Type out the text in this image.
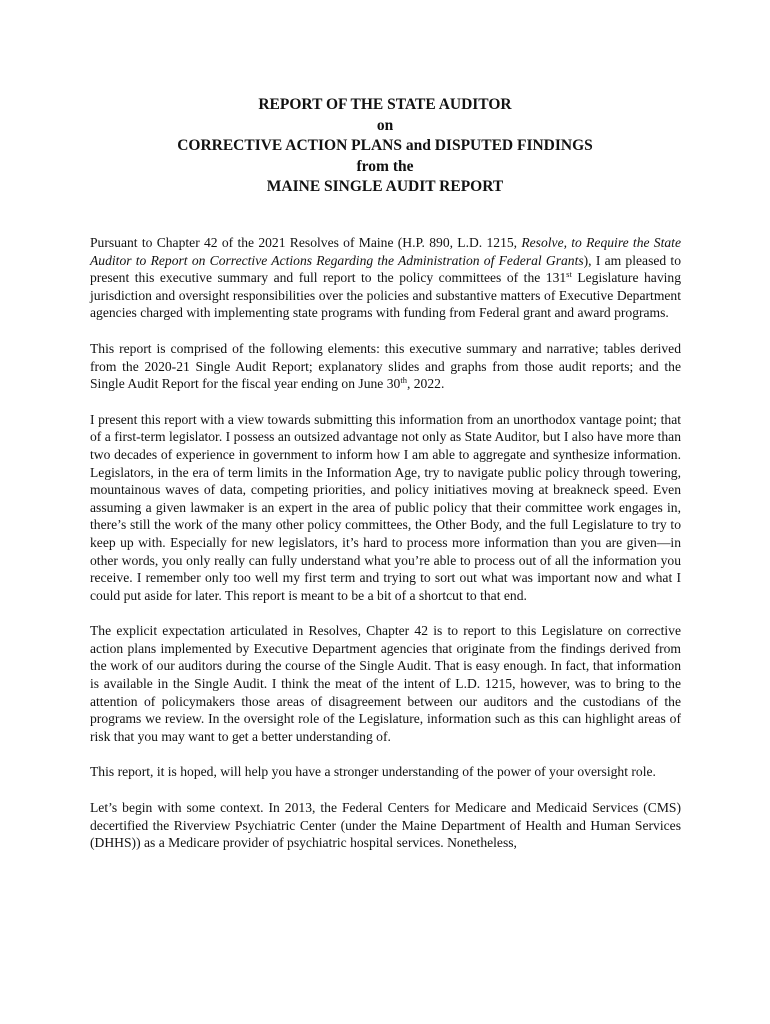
REPORT OF THE STATE AUDITOR
on
CORRECTIVE ACTION PLANS and DISPUTED FINDINGS
from the
MAINE SINGLE AUDIT REPORT

Pursuant to Chapter 42 of the 2021 Resolves of Maine (H.P. 890, L.D. 1215, Resolve, to Require the State Auditor to Report on Corrective Actions Regarding the Administration of Federal Grants), I am pleased to present this executive summary and full report to the policy committees of the 131st Legislature having jurisdiction and oversight responsibilities over the policies and substantive matters of Executive Department agencies charged with implementing state programs with funding from Federal grant and award programs.

This report is comprised of the following elements: this executive summary and narrative; tables derived from the 2020-21 Single Audit Report; explanatory slides and graphs from those audit reports; and the Single Audit Report for the fiscal year ending on June 30th, 2022.

I present this report with a view towards submitting this information from an unorthodox vantage point; that of a first-term legislator. I possess an outsized advantage not only as State Auditor, but I also have more than two decades of experience in government to inform how I am able to aggregate and synthesize information. Legislators, in the era of term limits in the Information Age, try to navigate public policy through towering, mountainous waves of data, competing priorities, and policy initiatives moving at breakneck speed. Even assuming a given lawmaker is an expert in the area of public policy that their committee work engages in, there’s still the work of the many other policy committees, the Other Body, and the full Legislature to try to keep up with. Especially for new legislators, it’s hard to process more information than you are given—in other words, you only really can fully understand what you’re able to process out of all the information you receive. I remember only too well my first term and trying to sort out what was important now and what I could put aside for later. This report is meant to be a bit of a shortcut to that end.

The explicit expectation articulated in Resolves, Chapter 42 is to report to this Legislature on corrective action plans implemented by Executive Department agencies that originate from the findings derived from the work of our auditors during the course of the Single Audit. That is easy enough. In fact, that information is available in the Single Audit. I think the meat of the intent of L.D. 1215, however, was to bring to the attention of policymakers those areas of disagreement between our auditors and the custodians of the programs we review. In the oversight role of the Legislature, information such as this can highlight areas of risk that you may want to get a better understanding of.

This report, it is hoped, will help you have a stronger understanding of the power of your oversight role.

Let’s begin with some context. In 2013, the Federal Centers for Medicare and Medicaid Services (CMS) decertified the Riverview Psychiatric Center (under the Maine Department of Health and Human Services (DHHS)) as a Medicare provider of psychiatric hospital services. Nonetheless,
